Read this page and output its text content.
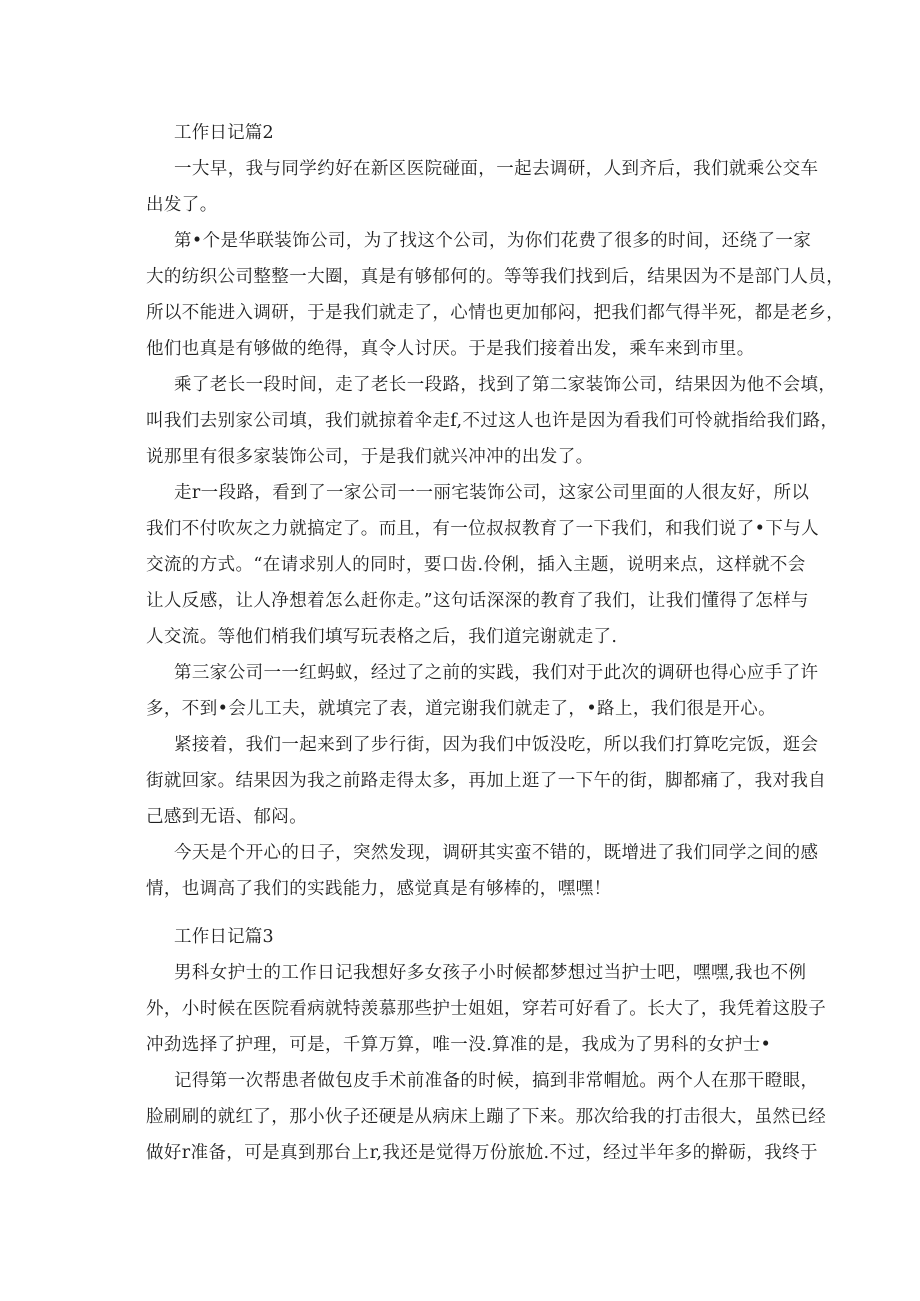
工作日记篇2
一大早，我与同学约好在新区医院碰面，一起去调研，人到齐后，我们就乘公交车
出发了。
第•个是华联装饰公司，为了找这个公司，为你们花费了很多的时间，还绕了一家
大的纺织公司整整一大圈，真是有够郁何的。等等我们找到后，结果因为不是部门人员，
所以不能进入调研，于是我们就走了，心情也更加郁闷，把我们都气得半死，都是老乡，
他们也真是有够做的绝得，真令人讨厌。于是我们接着出发，乘车来到市里。
乘了老长一段时间，走了老长一段路，找到了第二家装饰公司，结果因为他不会填，
叫我们去别家公司填，我们就掠着伞走f,不过这人也许是因为看我们可怜就指给我们路，
说那里有很多家装饰公司，于是我们就兴冲冲的出发了。
走r一段路，看到了一家公司一一丽宅装饰公司，这家公司里面的人很友好，所以
我们不付吹灰之力就搞定了。而且，有一位叔叔教育了一下我们，和我们说了•下与人
交流的方式。“在请求别人的同时，要口齿.伶俐，插入主题，说明来点，这样就不会
让人反感，让人净想着怎么赶你走。”这句话深深的教育了我们，让我们懂得了怎样与
人交流。等他们梢我们填写玩表格之后，我们道完谢就走了.
第三家公司一一红蚂蚁，经过了之前的实践，我们对于此次的调研也得心应手了许
多，不到•会儿工夫，就填完了表，道完谢我们就走了，•路上，我们很是开心。
紧接着，我们一起来到了步行街，因为我们中饭没吃，所以我们打算吃完饭，逛会
街就回家。结果因为我之前路走得太多，再加上逛了一下午的街，脚都痛了，我对我自
己感到无语、郁闷。
今天是个开心的日子，突然发现，调研其实蛮不错的，既增进了我们同学之间的感
情，也调高了我们的实践能力，感觉真是有够棒的，嘿嘿！
工作日记篇3
男科女护士的工作日记我想好多女孩子小时候都梦想过当护士吧，嘿嘿,我也不例
外，小时候在医院看病就特羡慕那些护士姐姐，穿若可好看了。长大了，我凭着这股子
冲劲选择了护理，可是，千算万算，唯一没.算准的是，我成为了男科的女护士•
记得第一次帮患者做包皮手术前准备的时候，搞到非常帽尬。两个人在那干瞪眼，
脸刷刷的就红了，那小伙子还硬是从病床上蹦了下来。那次给我的打击很大，虽然已经
做好r准备，可是真到那台上r,我还是觉得万份旅尬.不过，经过半年多的擀砺，我终于
